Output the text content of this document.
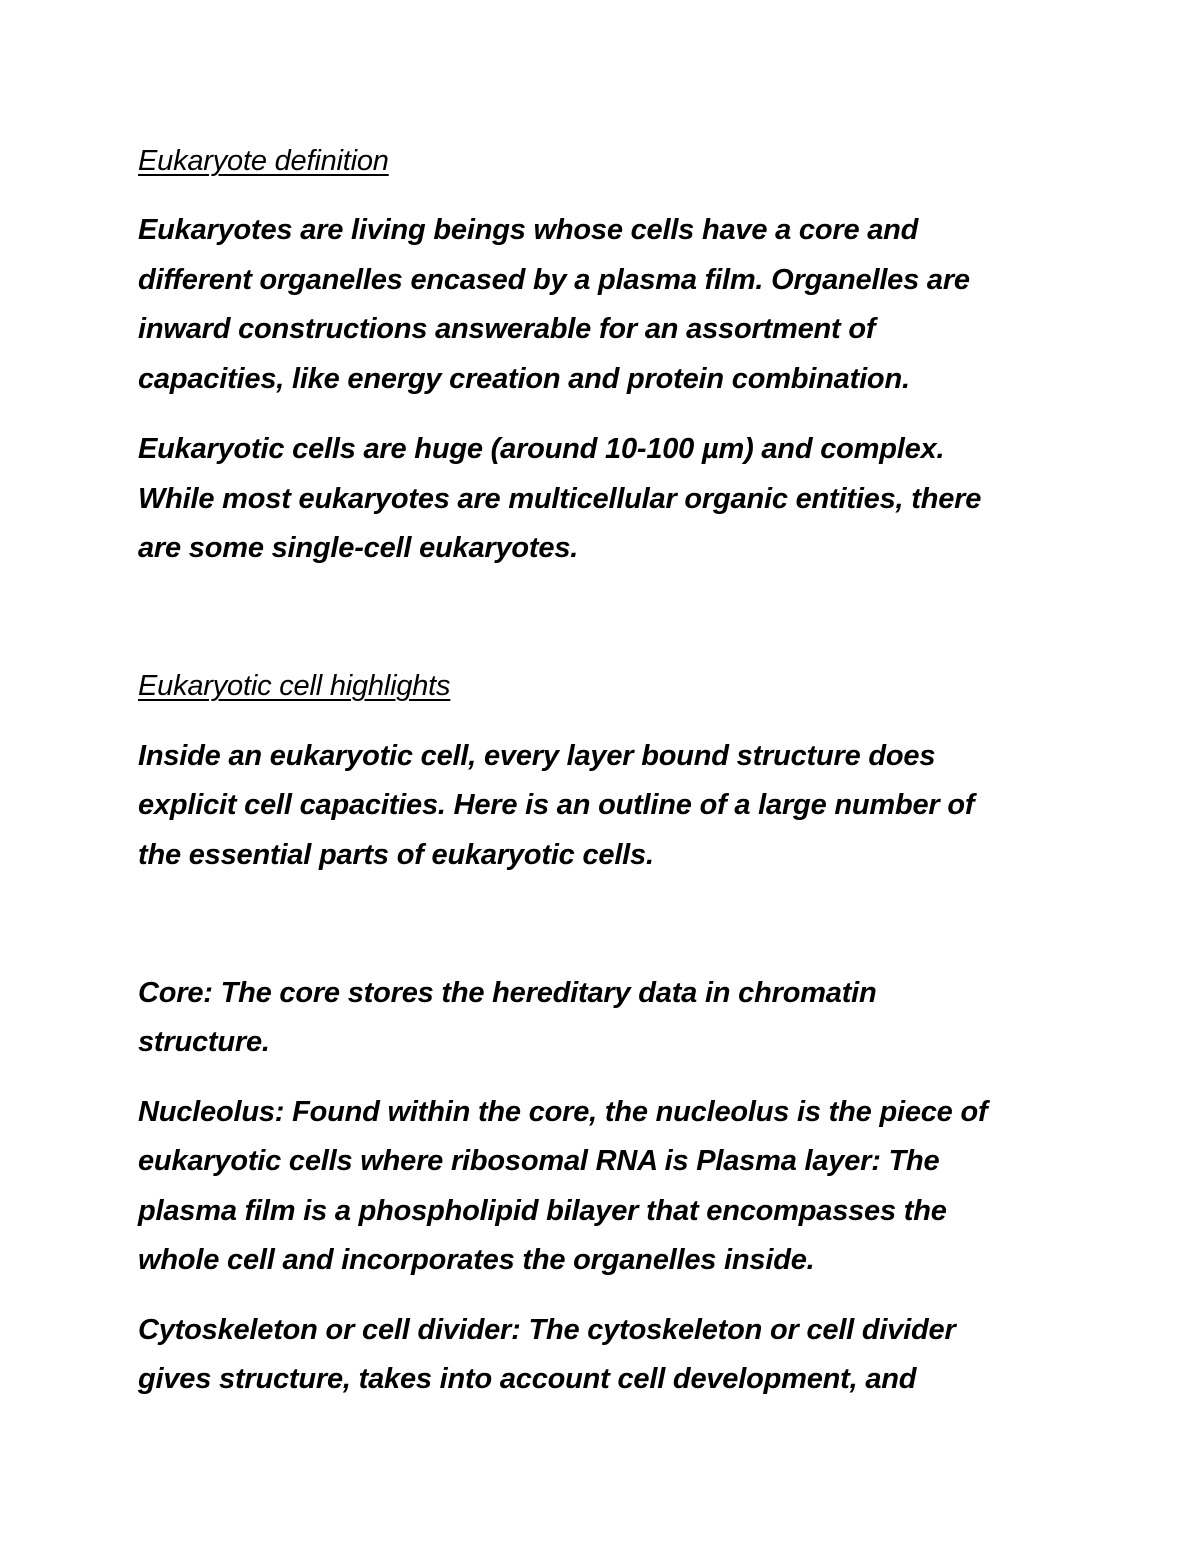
Eukaryote definition

Eukaryotes are living beings whose cells have a core and

different organelles encased by a plasma film. Organelles are

inward constructions answerable for an assortment of

capacities, like energy creation and protein combination.

Eukaryotic cells are huge (around 10-100 µm) and complex.

While most eukaryotes are multicellular organic entities, there

are some single-cell eukaryotes.

Eukaryotic cell highlights

Inside an eukaryotic cell, every layer bound structure does

explicit cell capacities. Here is an outline of a large number of

the essential parts of eukaryotic cells.

Core: The core stores the hereditary data in chromatin

structure.

Nucleolus: Found within the core, the nucleolus is the piece of

eukaryotic cells where ribosomal RNA is Plasma layer: The

plasma film is a phospholipid bilayer that encompasses the

whole cell and incorporates the organelles inside.

Cytoskeleton or cell divider: The cytoskeleton or cell divider

gives structure, takes into account cell development, and
